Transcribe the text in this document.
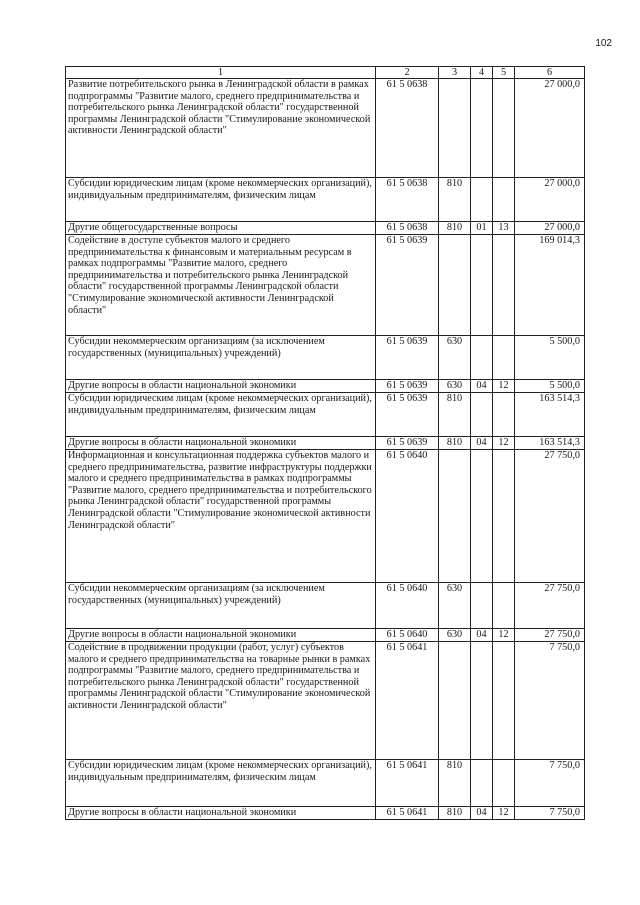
102
1	2	3	4	5	6
Развитие потребительского рынка в Ленинградской области в рамках подпрограммы "Развитие малого, среднего предпринимательства и потребительского рынка Ленинградской области" государственной программы Ленинградской области "Стимулирование экономической активности Ленинградской области"	61 5 0638				27 000,0
Субсидии юридическим лицам (кроме некоммерческих организаций), индивидуальным предпринимателям, физическим лицам	61 5 0638	810			27 000,0
Другие общегосударственные вопросы	61 5 0638	810	01	13	27 000,0
Содействие в доступе субъектов малого и среднего предпринимательства к финансовым и материальным ресурсам в рамках подпрограммы "Развитие малого, среднего предпринимательства и потребительского рынка Ленинградской области" государственной программы Ленинградской области "Стимулирование экономической активности Ленинградской области"	61 5 0639				169 014,3
Субсидии некоммерческим организациям (за исключением государственных (муниципальных) учреждений)	61 5 0639	630			5 500,0
Другие вопросы в области национальной экономики	61 5 0639	630	04	12	5 500,0
Субсидии юридическим лицам (кроме некоммерческих организаций), индивидуальным предпринимателям, физическим лицам	61 5 0639	810			163 514,3
Другие вопросы в области национальной экономики	61 5 0639	810	04	12	163 514,3
Информационная и консультационная поддержка субъектов малого и среднего предпринимательства, развитие инфраструктуры поддержки малого и среднего предпринимательства в рамках подпрограммы "Развитие малого, среднего предпринимательства и потребительского рынка Ленинградской области" государственной программы Ленинградской области "Стимулирование экономической активности Ленинградской области"	61 5 0640				27 750,0
Субсидии некоммерческим организациям (за исключением государственных (муниципальных) учреждений)	61 5 0640	630			27 750,0
Другие вопросы в области национальной экономики	61 5 0640	630	04	12	27 750,0
Содействие в продвижении продукции (работ, услуг) субъектов малого и среднего предпринимательства на товарные рынки в рамках подпрограммы "Развитие малого, среднего предпринимательства и потребительского рынка Ленинградской области" государственной программы Ленинградской области "Стимулирование экономической активности Ленинградской области"	61 5 0641				7 750,0
Субсидии юридическим лицам (кроме некоммерческих организаций), индивидуальным предпринимателям, физическим лицам	61 5 0641	810			7 750,0
Другие вопросы в области национальной экономики	61 5 0641	810	04	12	7 750,0
